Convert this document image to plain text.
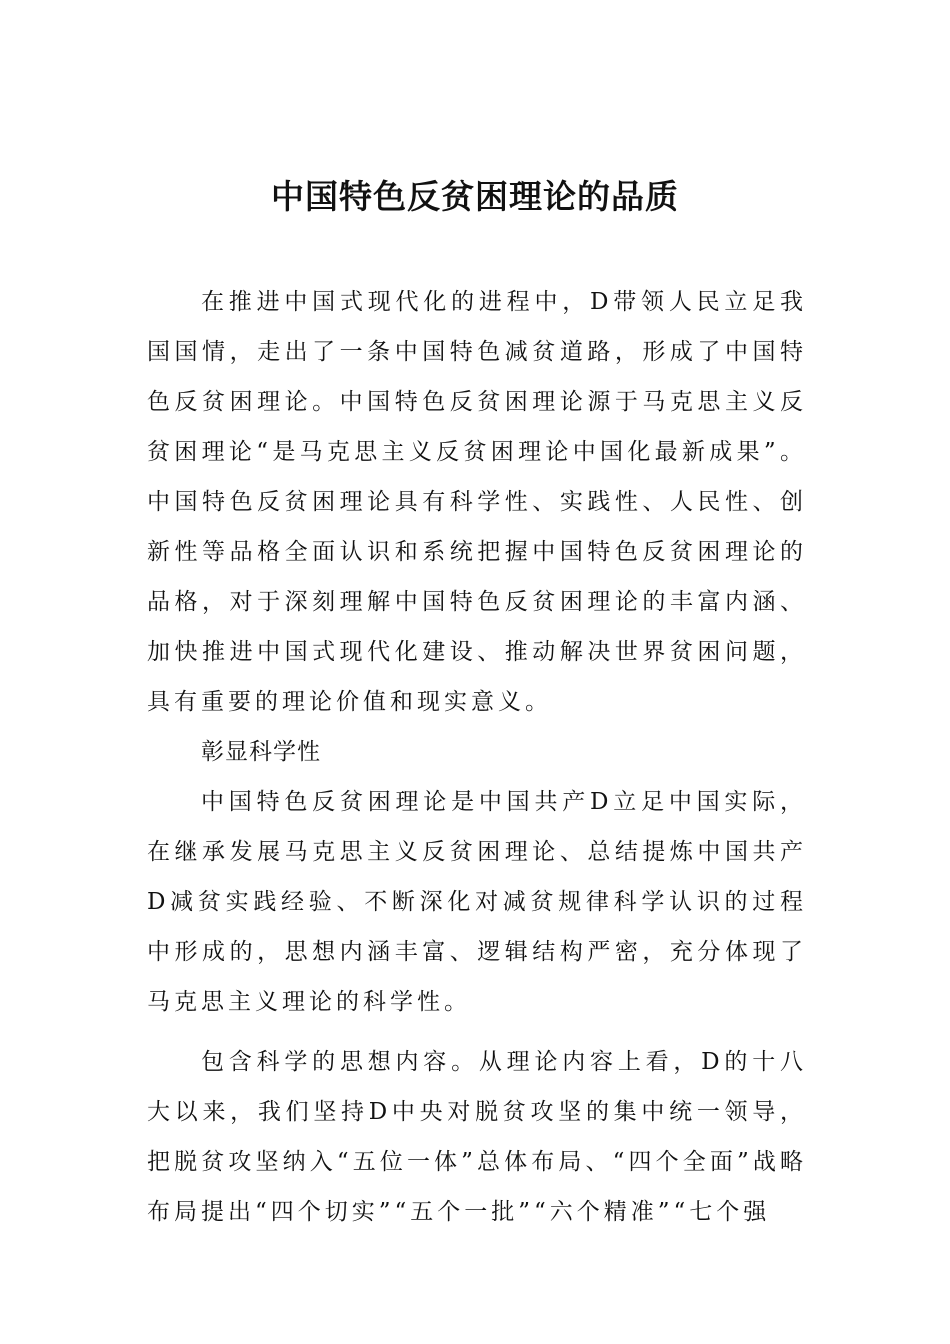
中国特色反贫困理论的品质

在推进中国式现代化的进程中，D带领人民立足我国国情，走出了一条中国特色减贫道路，形成了中国特色反贫困理论。中国特色反贫困理论源于马克思主义反贫困理论“是马克思主义反贫困理论中国化最新成果”。中国特色反贫困理论具有科学性、实践性、人民性、创新性等品格全面认识和系统把握中国特色反贫困理论的品格，对于深刻理解中国特色反贫困理论的丰富内涵、加快推进中国式现代化建设、推动解决世界贫困问题，具有重要的理论价值和现实意义。

彰显科学性

中国特色反贫困理论是中国共产D立足中国实际，在继承发展马克思主义反贫困理论、总结提炼中国共产D减贫实践经验、不断深化对减贫规律科学认识的过程中形成的，思想内涵丰富、逻辑结构严密，充分体现了马克思主义理论的科学性。

包含科学的思想内容。从理论内容上看，D的十八大以来，我们坚持D中央对脱贫攻坚的集中统一领导，把脱贫攻坚纳入“五位一体”总体布局、“四个全面”战略布局提出“四个切实”“五个一批”“六个精准”“七个强
